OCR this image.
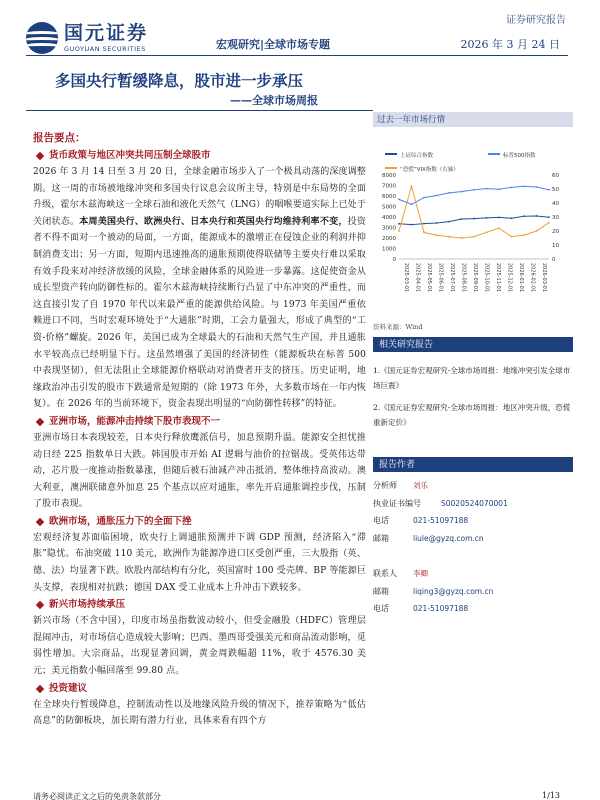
国元证券
GUOYUAN SECURITIES
证券研究报告
宏观研究|全球市场专题	2026 年 3 月 24 日
多国央行暂缓降息，股市进一步承压
——全球市场周报
报告要点：
货币政策与地区冲突共同压制全球股市

2026 年 3 月 14 日至 3 月 20 日，全球金融市场步入了一个极具动荡的深度调整期。这一周的市场被地缘冲突和多国央行议息会议所主导，特别是中东局势的全面升级，霍尔木兹海峡这一全球石油和液化天然气（LNG）的咽喉要道实际上已处于关闭状态。本周美国央行、欧洲央行、日本央行和英国央行均维持利率不变，投资者不得不面对一个被动的局面，一方面，能源成本的激增正在侵蚀企业的利润并抑制消费支出；另一方面，短期内迅速推高的通胀预期使得联储等主要央行难以采取有效手段来对冲经济放缓的风险，全球金融体系的风险进一步暴露。这促使资金从成长型资产转向防御性标的。霍尔木兹海峡持续断行凸显了中东冲突的严重性，而这直接引发了自 1970 年代以来最严重的能源供给风险。与 1973 年美国严重依赖进口不同，当时宏观环境处于“大通胀”时期，工会力量强大，形成了典型的“工资-价格”螺旋。2026 年，美国已成为全球最大的石油和天然气生产国，并且通胀水平较高点已经明显下行。这虽然增强了美国的经济韧性（能源板块在标普 500 中表现坚韧），但无法阻止全球能源价格联动对消费者开支的挤压。历史证明，地缘政治冲击引发的股市下跌通常是短期的（除 1973 年外，大多数市场在一年内恢复）。在 2026 年的当前环境下，资金表现出明显的“向防御性转移”的特征。

亚洲市场，能源冲击持续下股市表现不一

亚洲市场日本表现较差，日本央行释放鹰派信号，加息预期升温。能源安全担忧推动日经 225 指数单日大跌。韩国股市开始 AI 逻辑与油价的拉锯战。受英伟达带动，芯片股一度推动指数暴涨，但随后被石油减产冲击抵消，整体维持高波动。澳大利亚，澳洲联储意外加息 25 个基点以应对通胀，率先开启通胀调控步伐，压制了股市表现。

欧洲市场，通胀压力下的全面下挫

宏观经济复苏面临困境，欧央行上调通胀预测并下调 GDP 预测，经济陷入“滞胀”隐忧。布油突破 110 美元，欧洲作为能源净进口区受创严重，三大股指（英、德、法）均显著下跌。欧股内部结构有分化，英国富时 100 受壳牌、BP 等能源巨头支撑，表现相对抗跌；德国 DAX 受工业成本上升冲击下跌较多。

新兴市场持续承压

新兴市场（不含中国），印度市场虽指数波动较小，但受金融股（HDFC）管理层混闹冲击，对市场信心造成较大影响；巴西、墨西哥受强美元和商品流动影响，觅弱性增加。大宗商品，出现显著回调，黄金周跌幅超 11%，收于 4576.30 美元；美元指数小幅回落至 99.80 点。

投资建议

在全球央行暂缓降息，控制流动性以及地缘风险升级的情况下，推荐策略为“低估高息”的防御板块，加长期有潜力行业，具体来看有四个方

过去一年市场行情
上证综合指数	标普500指数
“恐慌”VIX指数（右轴）
0
1000
2000
3000
4000
5000
6000
7000
8000
0
10
20
30
40
50
60
2025-03-01 2025-04-01 2025-05-01 2025-06-01 2025-07-01 2025-08-01 2025-09-01 2025-10-01 2025-11-01 2025-12-01 2026-01-01 2026-02-01 2026-03-01
资料来源：Wind
相关研究报告
1.《国元证券宏观研究-全球市场周报：地缘冲突引发全球市场巨震》
2.《国元证券宏观研究-全球市场周报：地区冲突升级，恐慌重新定价》
报告作者
分析师	刘乐
执业证书编号	S0020524070001
电话	021-51097188
邮箱	liule@gyzq.com.cn
联系人	李卿
邮箱	liqing3@gyzq.com.cn
电话	021-51097188
请务必阅读正文之后的免责条款部分	1/13
